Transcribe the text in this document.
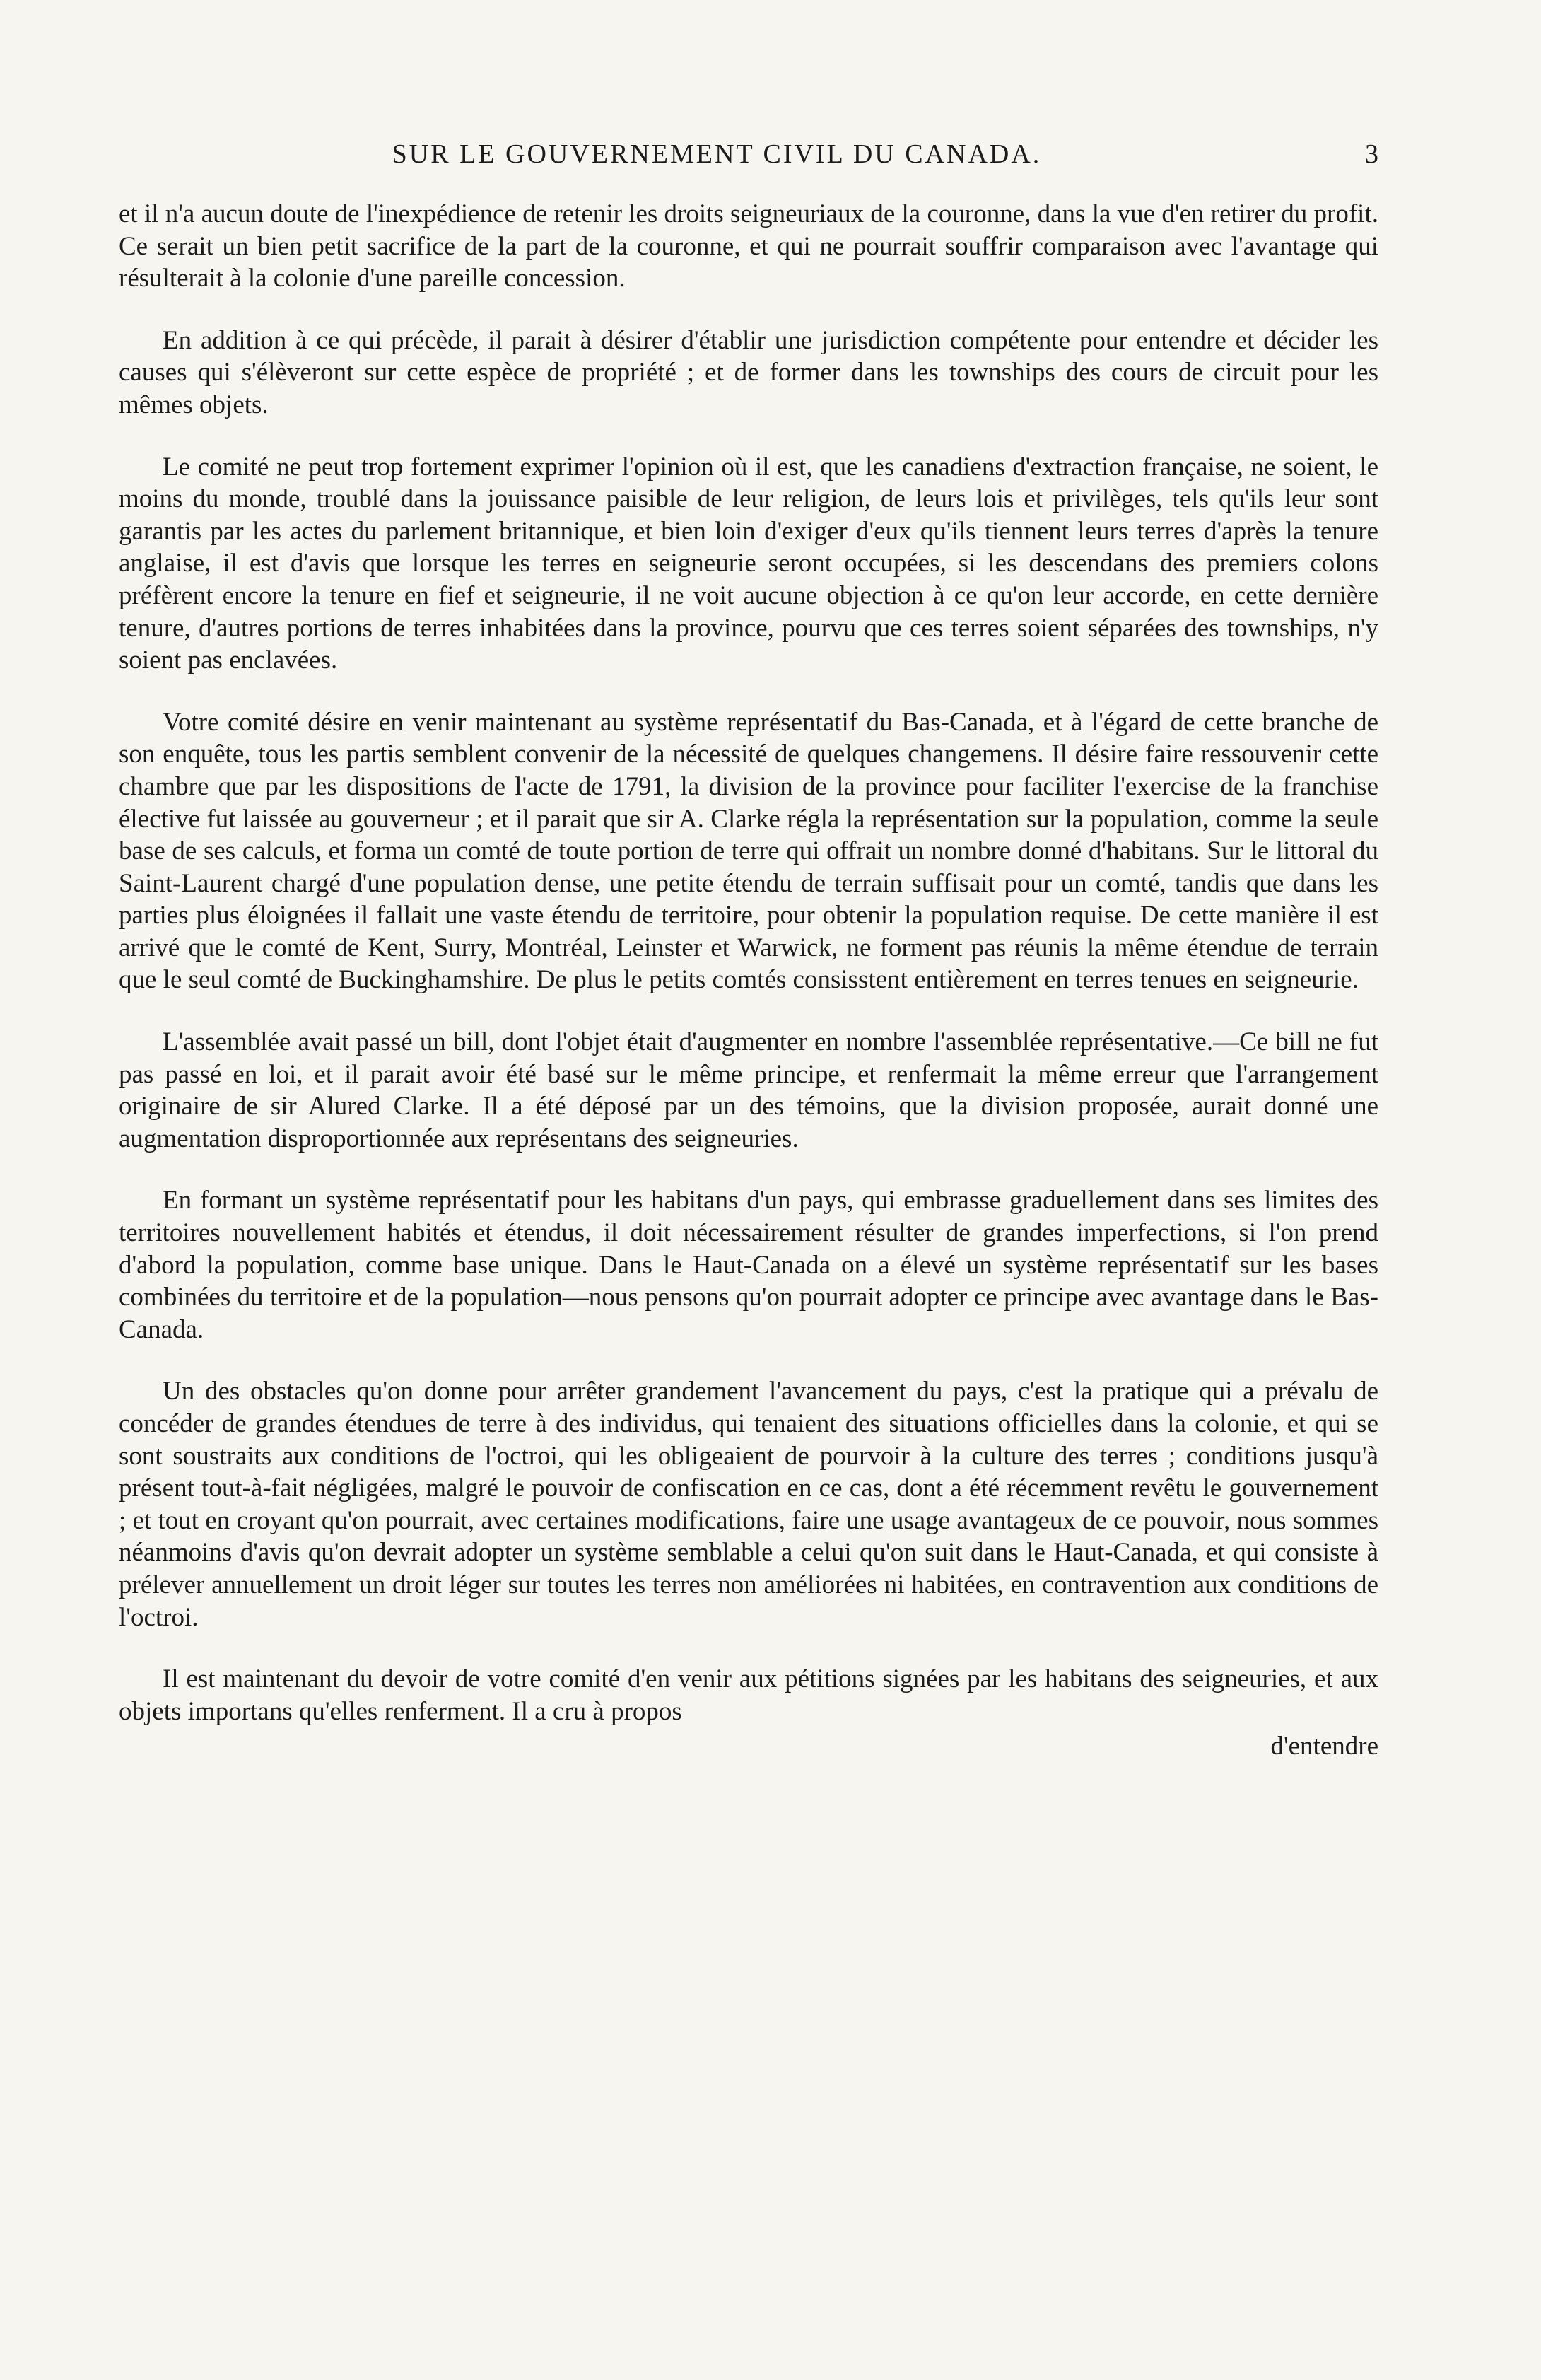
SUR LE GOUVERNEMENT CIVIL DU CANADA.	3

et il n'a aucun doute de l'inexpédience de retenir les droits seigneuriaux de la couronne, dans la vue d'en retirer du profit. Ce serait un bien petit sacrifice de la part de la couronne, et qui ne pourrait souffrir comparaison avec l'avantage qui résulterait à la colonie d'une pareille concession.

En addition à ce qui précède, il parait à désirer d'établir une jurisdiction compétente pour entendre et décider les causes qui s'élèveront sur cette espèce de propriété ; et de former dans les townships des cours de circuit pour les mêmes objets.

Le comité ne peut trop fortement exprimer l'opinion où il est, que les canadiens d'extraction française, ne soient, le moins du monde, troublé dans la jouissance paisible de leur religion, de leurs lois et privilèges, tels qu'ils leur sont garantis par les actes du parlement britannique, et bien loin d'exiger d'eux qu'ils tiennent leurs terres d'après la tenure anglaise, il est d'avis que lorsque les terres en seigneurie seront occupées, si les descendans des premiers colons préfèrent encore la tenure en fief et seigneurie, il ne voit aucune objection à ce qu'on leur accorde, en cette dernière tenure, d'autres portions de terres inhabitées dans la province, pourvu que ces terres soient séparées des townships, n'y soient pas enclavées.

Votre comité désire en venir maintenant au système représentatif du Bas-Canada, et à l'égard de cette branche de son enquête, tous les partis semblent convenir de la nécessité de quelques changemens. Il désire faire ressouvenir cette chambre que par les dispositions de l'acte de 1791, la division de la province pour faciliter l'exercise de la franchise élective fut laissée au gouverneur ; et il parait que sir A. Clarke régla la représentation sur la population, comme la seule base de ses calculs, et forma un comté de toute portion de terre qui offrait un nombre donné d'habitans. Sur le littoral du Saint-Laurent chargé d'une population dense, une petite étendu de terrain suffisait pour un comté, tandis que dans les parties plus éloignées il fallait une vaste étendu de territoire, pour obtenir la population requise. De cette manière il est arrivé que le comté de Kent, Surry, Montréal, Leinster et Warwick, ne forment pas réunis la même étendue de terrain que le seul comté de Buckinghamshire. De plus le petits comtés consisstent entièrement en terres tenues en seigneurie.

L'assemblée avait passé un bill, dont l'objet était d'augmenter en nombre l'assemblée représentative.—Ce bill ne fut pas passé en loi, et il parait avoir été basé sur le même principe, et renfermait la même erreur que l'arrangement originaire de sir Alured Clarke. Il a été déposé par un des témoins, que la division proposée, aurait donné une augmentation disproportionnée aux représentans des seigneuries.

En formant un système représentatif pour les habitans d'un pays, qui embrasse graduellement dans ses limites des territoires nouvellement habités et étendus, il doit nécessairement résulter de grandes imperfections, si l'on prend d'abord la population, comme base unique. Dans le Haut-Canada on a élevé un système représentatif sur les bases combinées du territoire et de la population—nous pensons qu'on pourrait adopter ce principe avec avantage dans le Bas-Canada.

Un des obstacles qu'on donne pour arrêter grandement l'avancement du pays, c'est la pratique qui a prévalu de concéder de grandes étendues de terre à des individus, qui tenaient des situations officielles dans la colonie, et qui se sont soustraits aux conditions de l'octroi, qui les obligeaient de pourvoir à la culture des terres ; conditions jusqu'à présent tout-à-fait négligées, malgré le pouvoir de confiscation en ce cas, dont a été récemment revêtu le gouvernement ; et tout en croyant qu'on pourrait, avec certaines modifications, faire une usage avantageux de ce pouvoir, nous sommes néanmoins d'avis qu'on devrait adopter un système semblable a celui qu'on suit dans le Haut-Canada, et qui consiste à prélever annuellement un droit léger sur toutes les terres non améliorées ni habitées, en contravention aux conditions de l'octroi.

Il est maintenant du devoir de votre comité d'en venir aux pétitions signées par les habitans des seigneuries, et aux objets importans qu'elles renferment. Il a cru à propos

d'entendre
